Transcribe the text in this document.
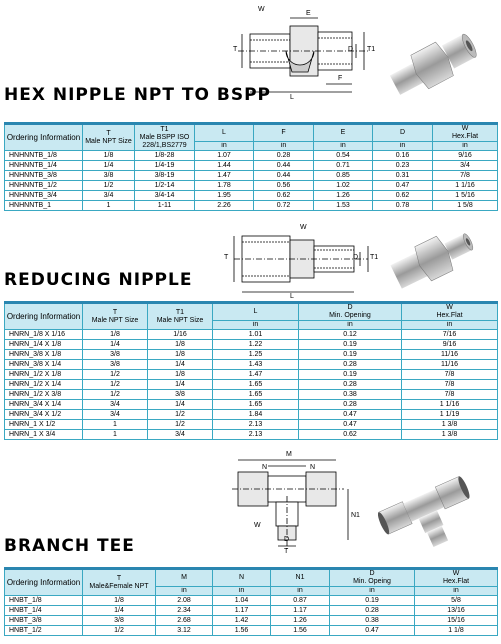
W
E
T	D T1
F
L
HEX NIPPLE NPT TO BSPP
Ordering Information	T
Male NPT Size	T1
Male BSPP ISO 228/1,BS2779	L	F	E	D	W
Hex.Flat
			in	in	in	in	in
HNHNNTB_1/8	1/8	1/8-28	1.07	0.28	0.54	0.16	9/16
HNHNNTB_1/4	1/4	1/4-19	1.44	0.44	0.71	0.23	3/4
HNHNNTB_3/8	3/8	3/8-19	1.47	0.44	0.85	0.31	7/8
HNHNNTB_1/2	1/2	1/2-14	1.78	0.56	1.02	0.47	1 1/16
HNHNNTB_3/4	3/4	3/4-14	1.95	0.62	1.26	0.62	1 5/16
HNHNNTB_1	1	1-11	2.26	0.72	1.53	0.78	1 5/8
W
T	D T1
L
REDUCING NIPPLE
Ordering Information	T
Male NPT Size	T1
Male NPT Size	L	D
Min. Opening	W
Hex.Flat
			in	in	in
HNRN_1/8 X 1/16	1/8	1/16	1.01	0.12	7/16
HNRN_1/4 X 1/8	1/4	1/8	1.22	0.19	9/16
HNRN_3/8 X 1/8	3/8	1/8	1.25	0.19	11/16
HNRN_3/8 X 1/4	3/8	1/4	1.43	0.28	11/16
HNRN_1/2 X 1/8	1/2	1/8	1.47	0.19	7/8
HNRN_1/2 X 1/4	1/2	1/4	1.65	0.28	7/8
HNRN_1/2 X 3/8	1/2	3/8	1.65	0.38	7/8
HNRN_3/4 X 1/4	3/4	1/4	1.65	0.28	1 1/16
HNRN_3/4 X 1/2	3/4	1/2	1.84	0.47	1 1/19
HNRN_1 X 1/2	1	1/2	2.13	0.47	1 3/8
HNRN_1 X 3/4	1	3/4	2.13	0.62	1 3/8
M
N	N
W
N1
D
T
BRANCH TEE
Ordering Information	T
Male&Female NPT	M	N	N1	D
Min. Opeing	W
Hex.Flat
		in	in	in	in	in
HNBT_1/8	1/8	2.08	1.04	0.87	0.19	5/8
HNBT_1/4	1/4	2.34	1.17	1.17	0.28	13/16
HNBT_3/8	3/8	2.68	1.42	1.26	0.38	15/16
HNBT_1/2	1/2	3.12	1.56	1.56	0.47	1 1/8
